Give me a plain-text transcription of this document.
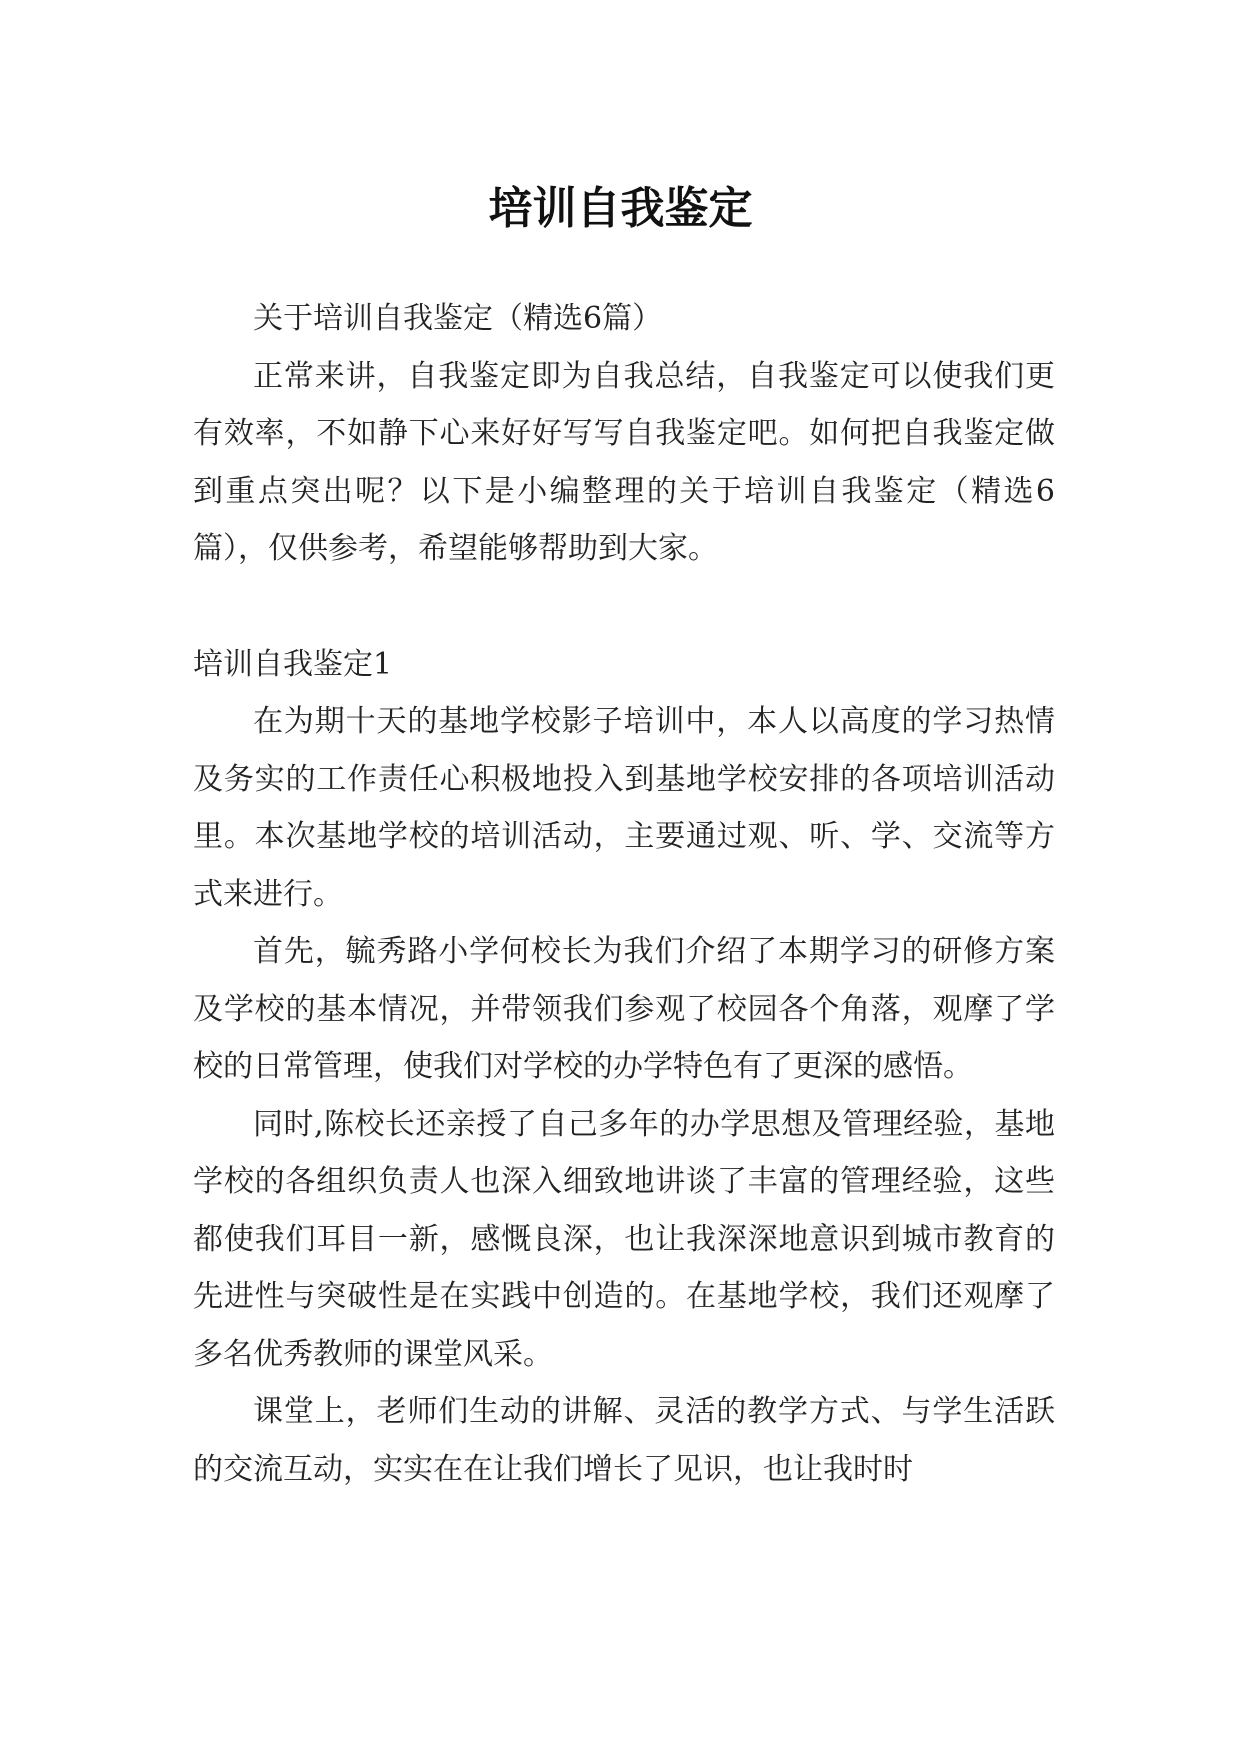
培训自我鉴定

关于培训自我鉴定（精选6篇）

正常来讲，自我鉴定即为自我总结，自我鉴定可以使我们更有效率，不如静下心来好好写写自我鉴定吧。如何把自我鉴定做到重点突出呢？以下是小编整理的关于培训自我鉴定（精选6篇），仅供参考，希望能够帮助到大家。

培训自我鉴定1

在为期十天的基地学校影子培训中，本人以高度的学习热情及务实的工作责任心积极地投入到基地学校安排的各项培训活动里。本次基地学校的培训活动，主要通过观、听、学、交流等方式来进行。

首先，毓秀路小学何校长为我们介绍了本期学习的研修方案及学校的基本情况，并带领我们参观了校园各个角落，观摩了学校的日常管理，使我们对学校的办学特色有了更深的感悟。

同时,陈校长还亲授了自己多年的办学思想及管理经验，基地学校的各组织负责人也深入细致地讲谈了丰富的管理经验，这些都使我们耳目一新，感慨良深，也让我深深地意识到城市教育的先进性与突破性是在实践中创造的。在基地学校，我们还观摩了多名优秀教师的课堂风采。

课堂上，老师们生动的讲解、灵活的教学方式、与学生活跃的交流互动，实实在在让我们增长了见识，也让我时时
